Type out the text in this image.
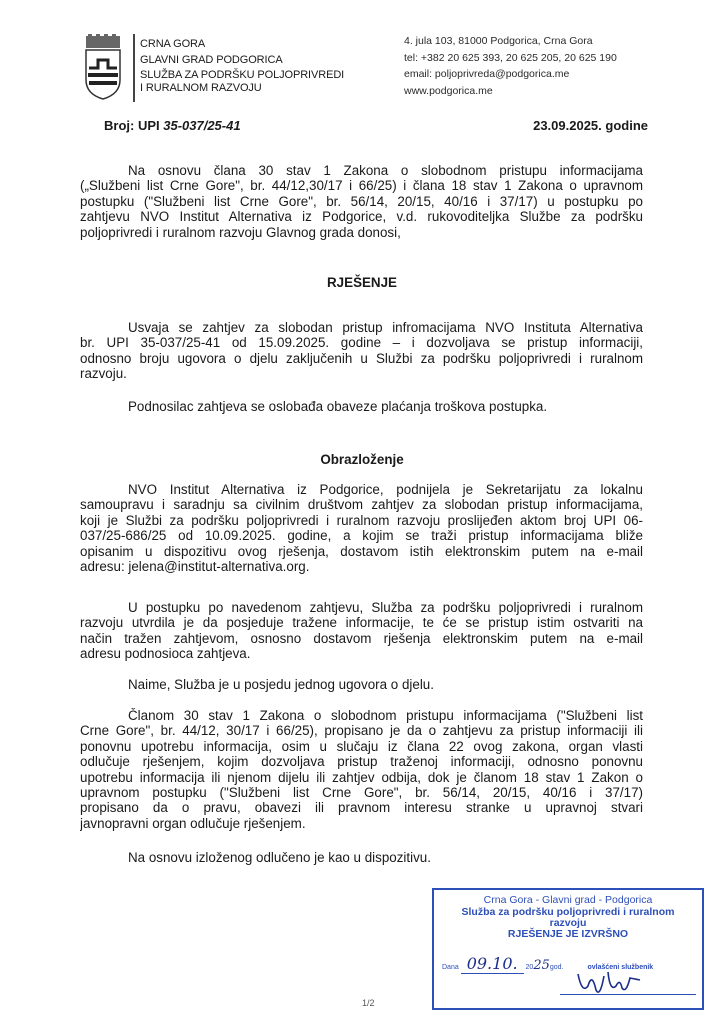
CRNA GORA
GLAVNI GRAD PODGORICA
SLUŽBA ZA PODRŠKU POLJOPRIVREDI
I RURALNOM RAZVOJU
4. jula 103, 81000 Podgorica, Crna Gora
tel: +382 20 625 393, 20 625 205, 20 625 190
email: poljoprivreda@podgorica.me
www.podgorica.me
Broj: UPI 35-037/25-41	23.09.2025. godine
Na osnovu člana 30 stav 1 Zakona o slobodnom pristupu informacijama
(„Službeni list Crne Gore", br. 44/12,30/17 i 66/25) i člana 18 stav 1 Zakona o upravnom
postupku ("Službeni list Crne Gore", br. 56/14, 20/15, 40/16 i 37/17) u postupku po
zahtjevu NVO Institut Alternativa iz Podgorice, v.d. rukovoditeljka Službe za podršku
poljoprivredi i ruralnom razvoju Glavnog grada donosi,
RJEŠENJE
Usvaja se zahtjev za slobodan pristup infromacijama NVO Instituta Alternativa
br. UPI 35-037/25-41 od 15.09.2025. godine – i dozvoljava se pristup informaciji,
odnosno broju ugovora o djelu zaključenih u Službi za podršku poljoprivredi i ruralnom
razvoju.
Podnosilac zahtjeva se oslobađa obaveze plaćanja troškova postupka.
Obrazloženje
NVO Institut Alternativa iz Podgorice, podnijela je Sekretarijatu za lokalnu
samoupravu i saradnju sa civilnim društvom zahtjev za slobodan pristup informacijama,
koji je Službi za podršku poljoprivredi i ruralnom razvoju proslijeđen aktom broj UPI 06-
037/25-686/25 od 10.09.2025. godine, a kojim se traži pristup informacijama bliže
opisanim u dispozitivu ovog rješenja, dostavom istih elektronskim putem na e-mail
adresu: jelena@institut-alternativa.org.
U postupku po navedenom zahtjevu, Služba za podršku poljoprivredi i ruralnom
razvoju utvrdila je da posjeduje tražene informacije, te će se pristup istim ostvariti na
način tražen zahtjevom, osnosno dostavom rješenja elektronskim putem na e-mail
adresu podnosioca zahtjeva.
Naime, Služba je u posjedu jednog ugovora o djelu.
Članom 30 stav 1 Zakona o slobodnom pristupu informacijama ("Službeni list
Crne Gore", br. 44/12, 30/17 i 66/25), propisano je da o zahtjevu za pristup informaciji ili
ponovnu upotrebu informacija, osim u slučaju iz člana 22 ovog zakona, organ vlasti
odlučuje rješenjem, kojim dozvoljava pristup traženoj informaciji, odnosno ponovnu
upotrebu informacija ili njenom dijelu ili zahtjev odbija, dok je članom 18 stav 1 Zakon o
upravnom postupku ("Službeni list Crne Gore", br. 56/14, 20/15, 40/16 i 37/17)
propisano da o pravu, obavezi ili pravnom interesu stranke u upravnoj stvari
javnopravni organ odlučuje rješenjem.
Na osnovu izloženog odlučeno je kao u dispozitivu.
Crna Gora - Glavni grad - Podgorica
Služba za podršku poljoprivredi i ruralnom
razvoju
RJEŠENJE JE IZVRŠNO
Dana 09.10. 2025god.	ovlašćeni službenik
1/2
